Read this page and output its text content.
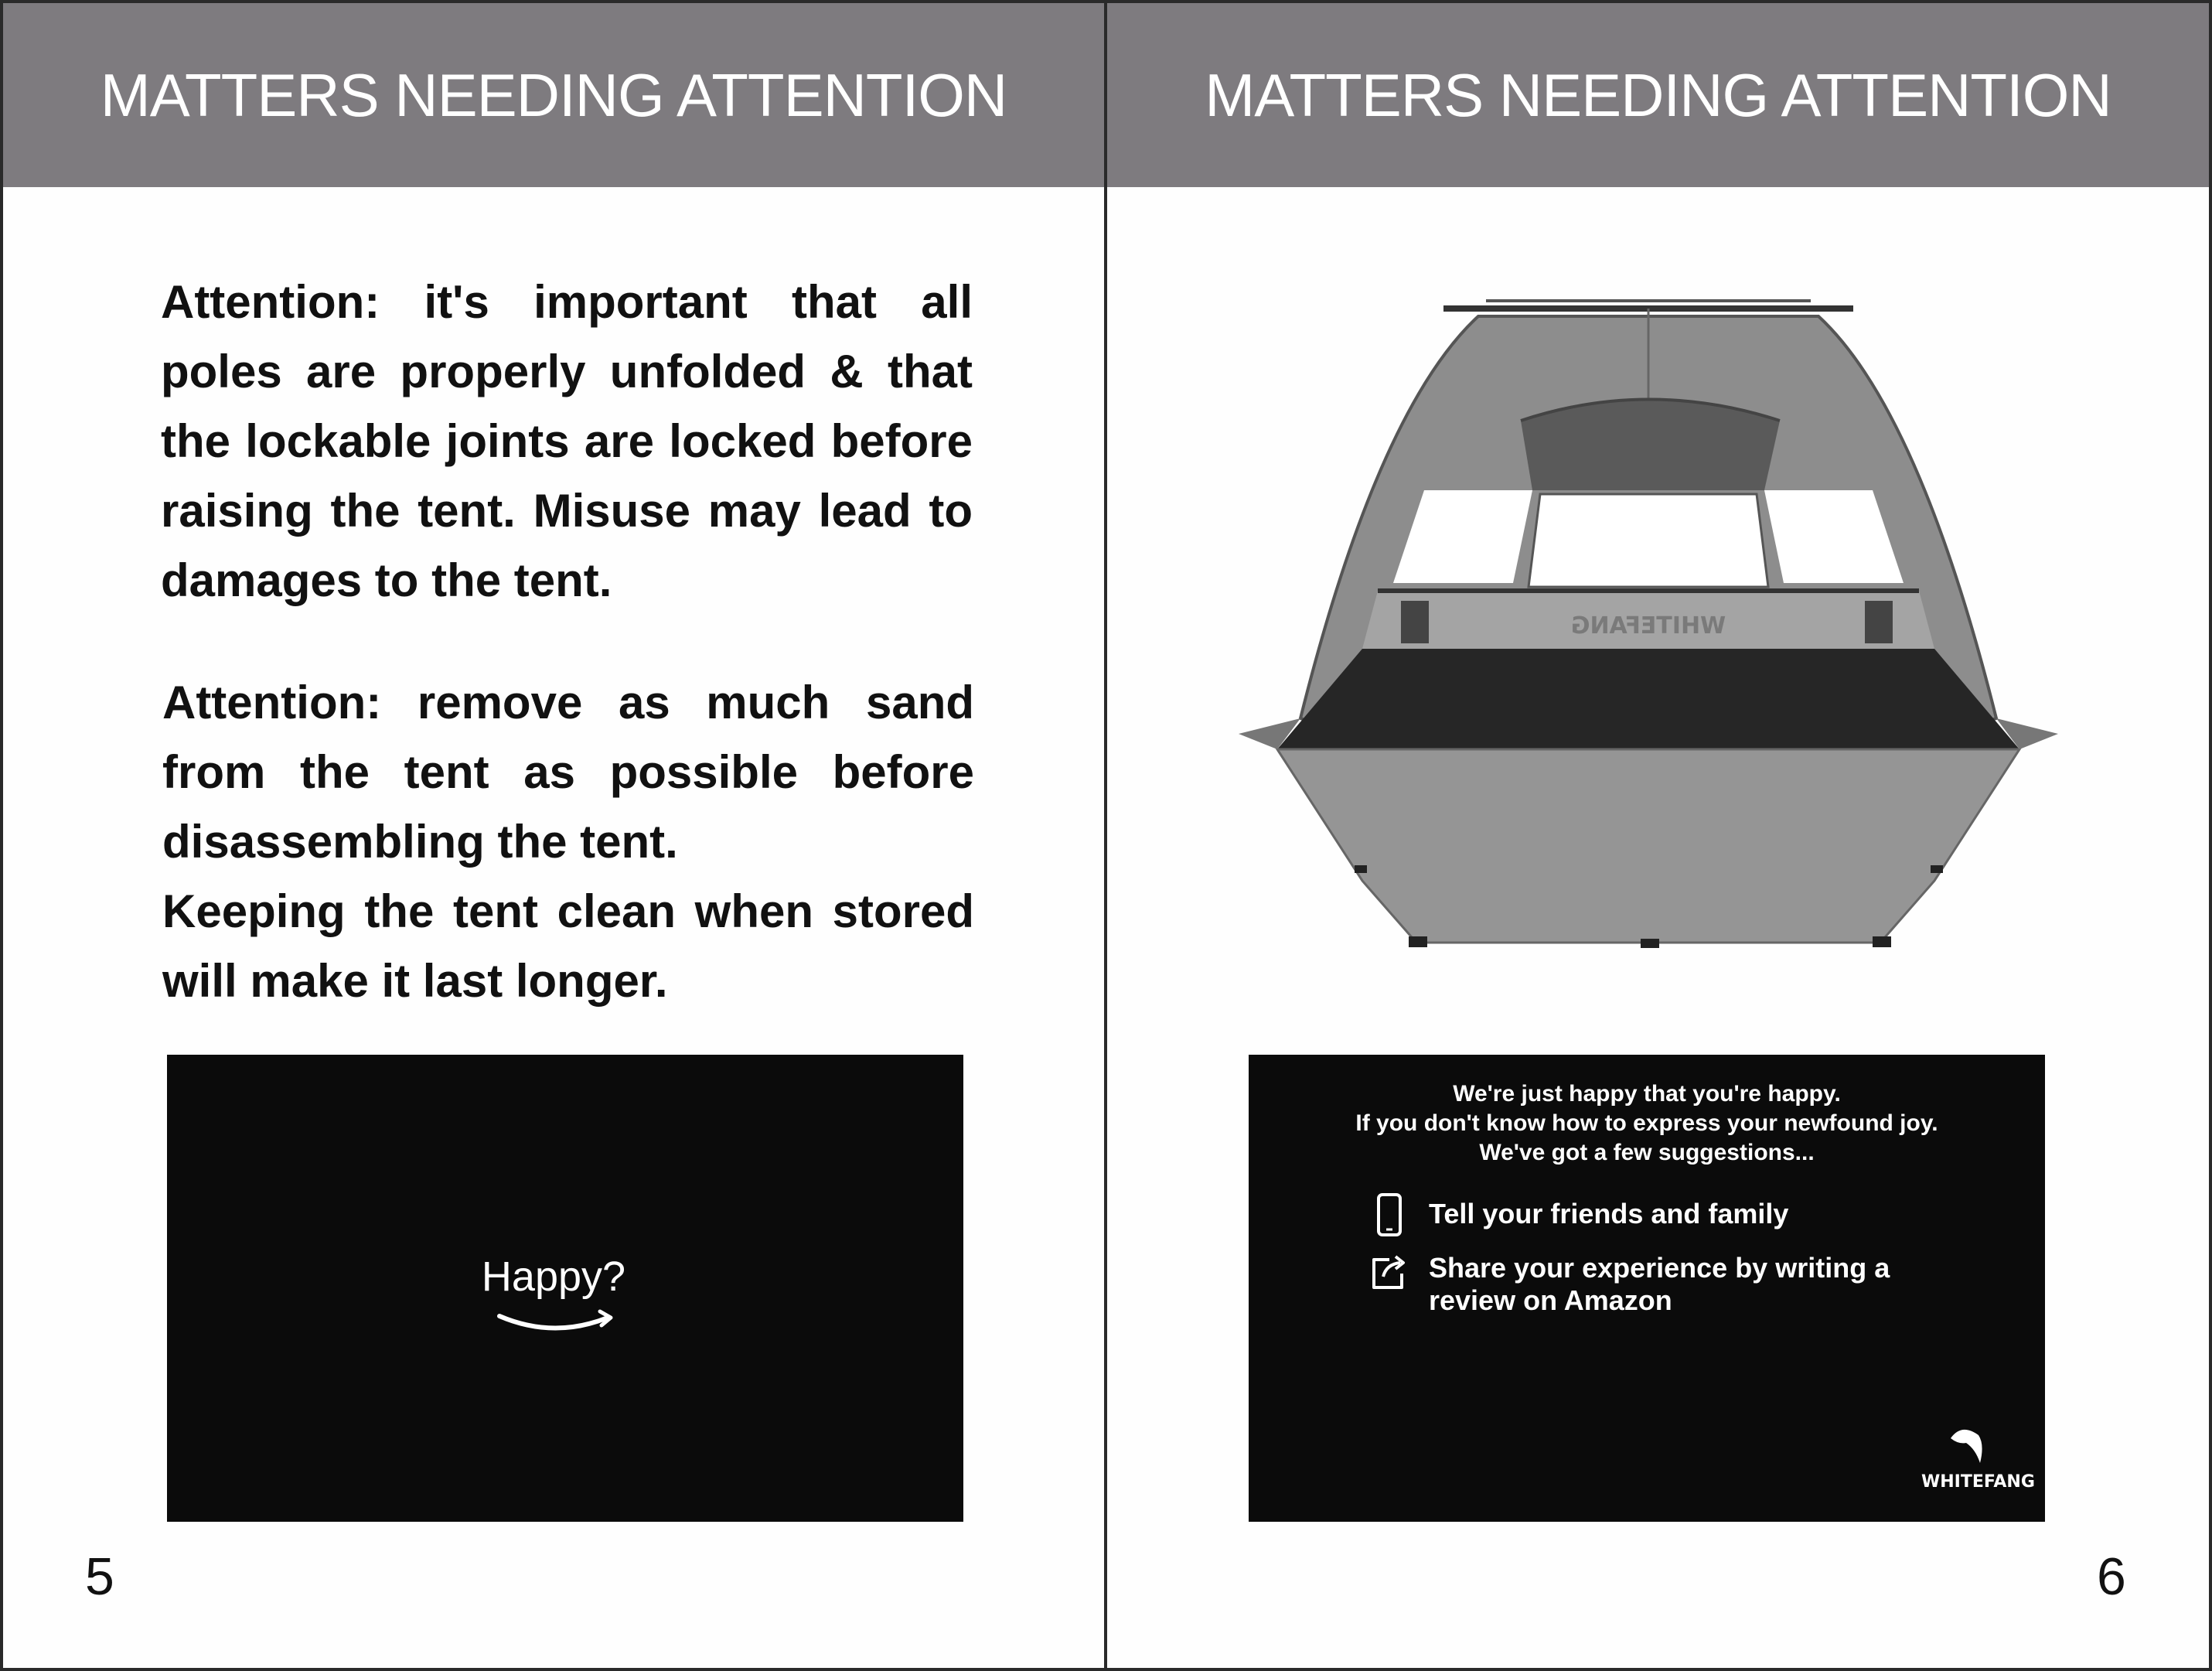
MATTERS NEEDING ATTENTION

Attention: it's important that all poles are properly unfolded & that the lockable joints are locked before raising the tent. Misuse may lead to damages to the tent.

Attention: remove as much sand from the tent as possible before disassembling the tent.

Keeping the tent clean when stored will make it last longer.

Happy?
5
MATTERS NEEDING ATTENTION
WHITEFANG
We're just happy that you're happy.
If you don't know how to express your newfound joy.
We've got a few suggestions...
Tell your friends and family
Share your experience by writing a review on Amazon
WHITEFANG
6
